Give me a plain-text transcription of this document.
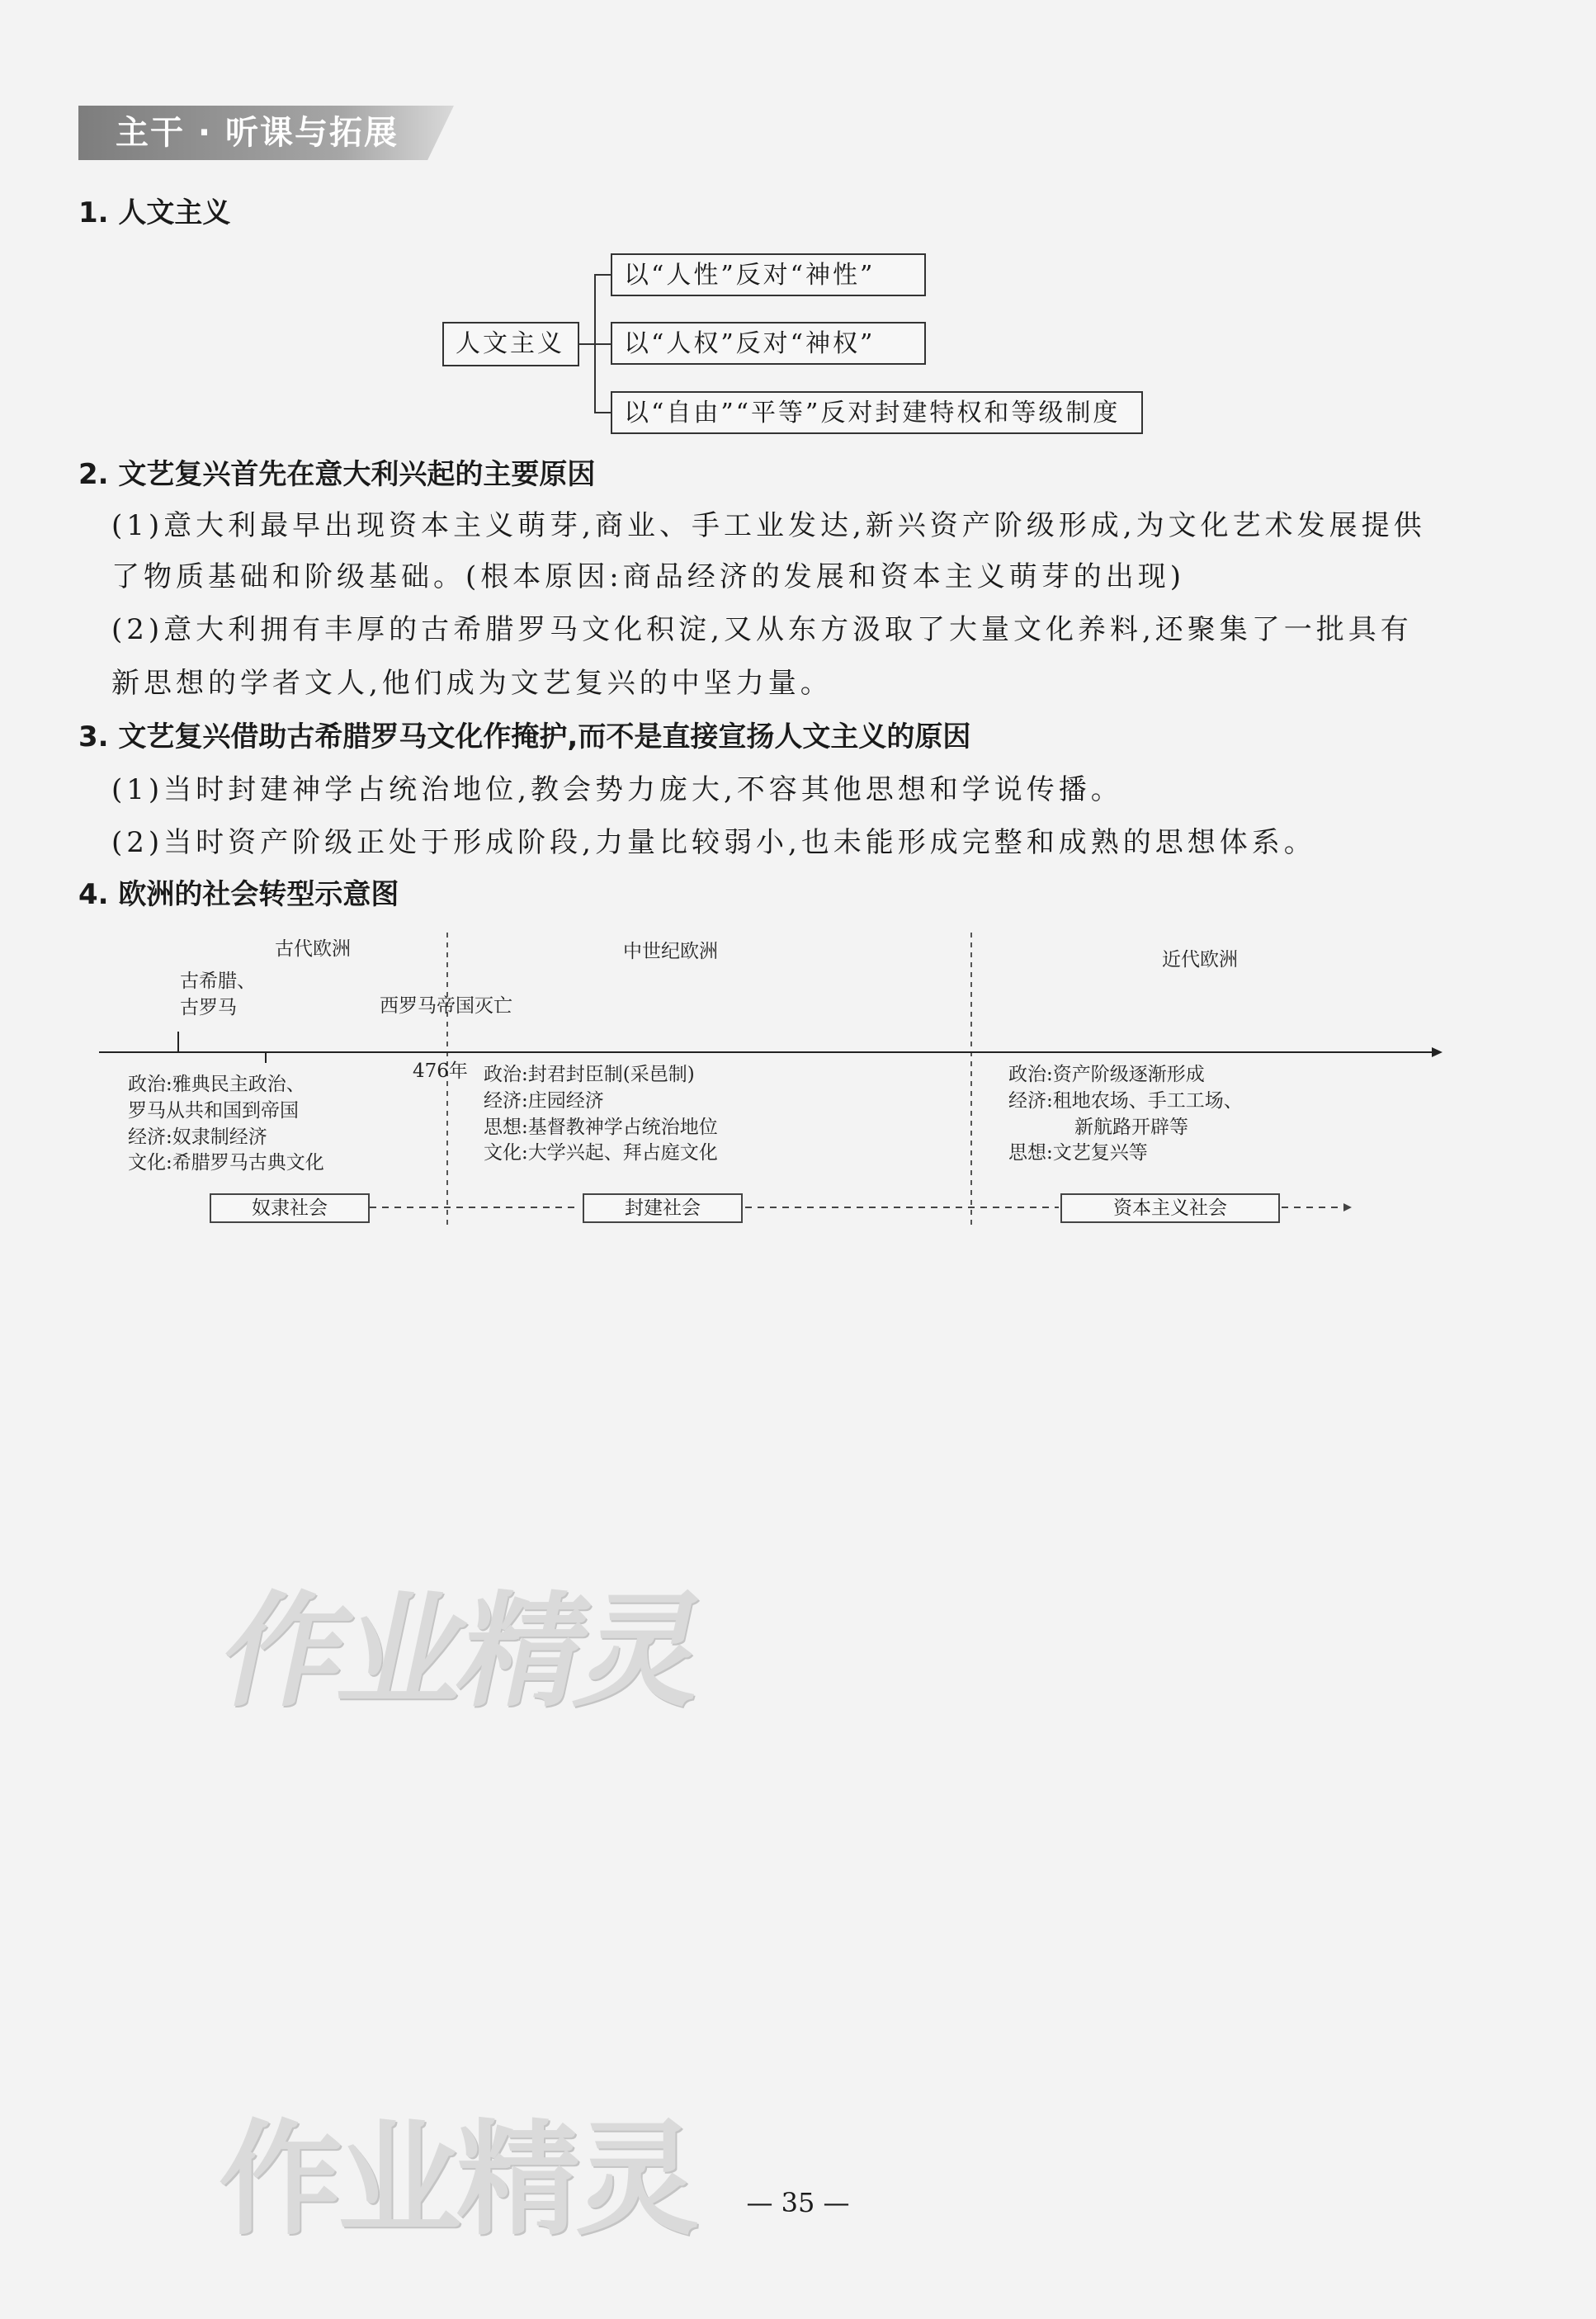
主干 · 听课与拓展
1. 人文主义
人文主义
以“人性”反对“神性”
以“人权”反对“神权”
以“自由”“平等”反对封建特权和等级制度
2. 文艺复兴首先在意大利兴起的主要原因
(1)意大利最早出现资本主义萌芽,商业、手工业发达,新兴资产阶级形成,为文化艺术发展提供
了物质基础和阶级基础。(根本原因:商品经济的发展和资本主义萌芽的出现)
(2)意大利拥有丰厚的古希腊罗马文化积淀,又从东方汲取了大量文化养料,还聚集了一批具有
新思想的学者文人,他们成为文艺复兴的中坚力量。
3. 文艺复兴借助古希腊罗马文化作掩护,而不是直接宣扬人文主义的原因
(1)当时封建神学占统治地位,教会势力庞大,不容其他思想和学说传播。
(2)当时资产阶级正处于形成阶段,力量比较弱小,也未能形成完整和成熟的思想体系。
4. 欧洲的社会转型示意图
古代欧洲	中世纪欧洲	近代欧洲
古希腊、
古罗马	西罗马帝国灭亡
476年
政治:雅典民主政治、
罗马从共和国到帝国
经济:奴隶制经济
文化:希腊罗马古典文化
政治:封君封臣制(采邑制)
经济:庄园经济
思想:基督教神学占统治地位
文化:大学兴起、拜占庭文化
政治:资产阶级逐渐形成
经济:租地农场、手工工场、
新航路开辟等
思想:文艺复兴等
奴隶社会	封建社会	资本主义社会
作业精灵
作业精灵	— 35 —
